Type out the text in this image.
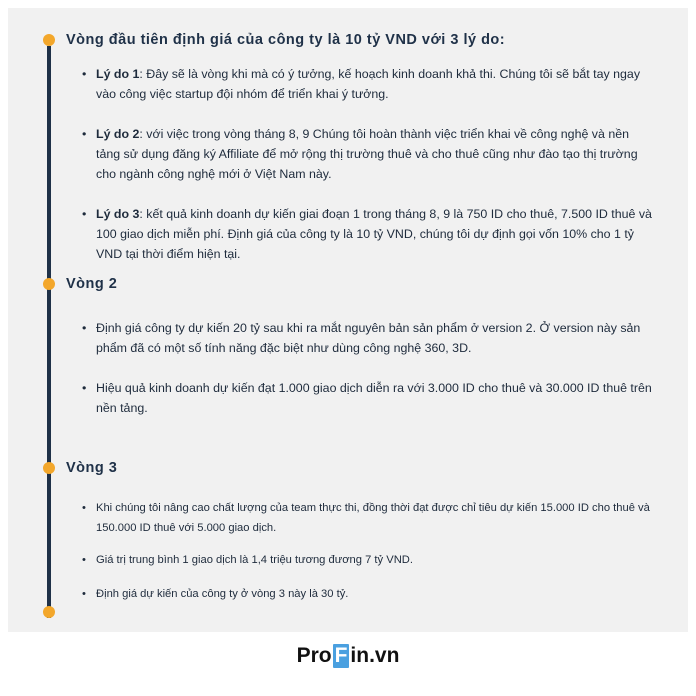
Vòng đầu tiên định giá của công ty là 10 tỷ VND với 3 lý do:
• Lý do 1: Đây sẽ là vòng khi mà có ý tưởng, kế hoạch kinh doanh khả thi. Chúng tôi sẽ bắt tay ngay vào công việc startup đội nhóm để triển khai ý tưởng.
• Lý do 2: với việc trong vòng tháng 8, 9 Chúng tôi hoàn thành việc triển khai về công nghệ và nền tảng sử dụng đăng ký Affiliate để mở rộng thị trường thuê và cho thuê cũng như đào tạo thị trường cho ngành công nghệ mới ở Việt Nam này.
• Lý do 3: kết quả kinh doanh dự kiến giai đoạn 1 trong tháng 8, 9 là 750 ID cho thuê, 7.500 ID thuê và 100 giao dịch miễn phí. Định giá của công ty là 10 tỷ VND, chúng tôi dự định gọi vốn 10% cho 1 tỷ VND tại thời điểm hiện tại.
Vòng 2
• Định giá công ty dự kiến 20 tỷ sau khi ra mắt nguyên bản sản phẩm ở version 2. Ở version này sản phẩm đã có một số tính năng đặc biệt như dùng công nghệ 360, 3D.
• Hiệu quả kinh doanh dự kiến đạt 1.000 giao dịch diễn ra với 3.000 ID cho thuê và 30.000 ID thuê trên nền tảng.
Vòng 3
• Khi chúng tôi nâng cao chất lượng của team thực thi, đồng thời đạt được chỉ tiêu dự kiến 15.000 ID cho thuê và 150.000 ID thuê với 5.000 giao dịch.
• Giá trị trung bình 1 giao dịch là 1,4 triệu tương đương 7 tỷ VND.
• Định giá dự kiến của công ty ở vòng 3 này là 30 tỷ.
Pro F in.vn
